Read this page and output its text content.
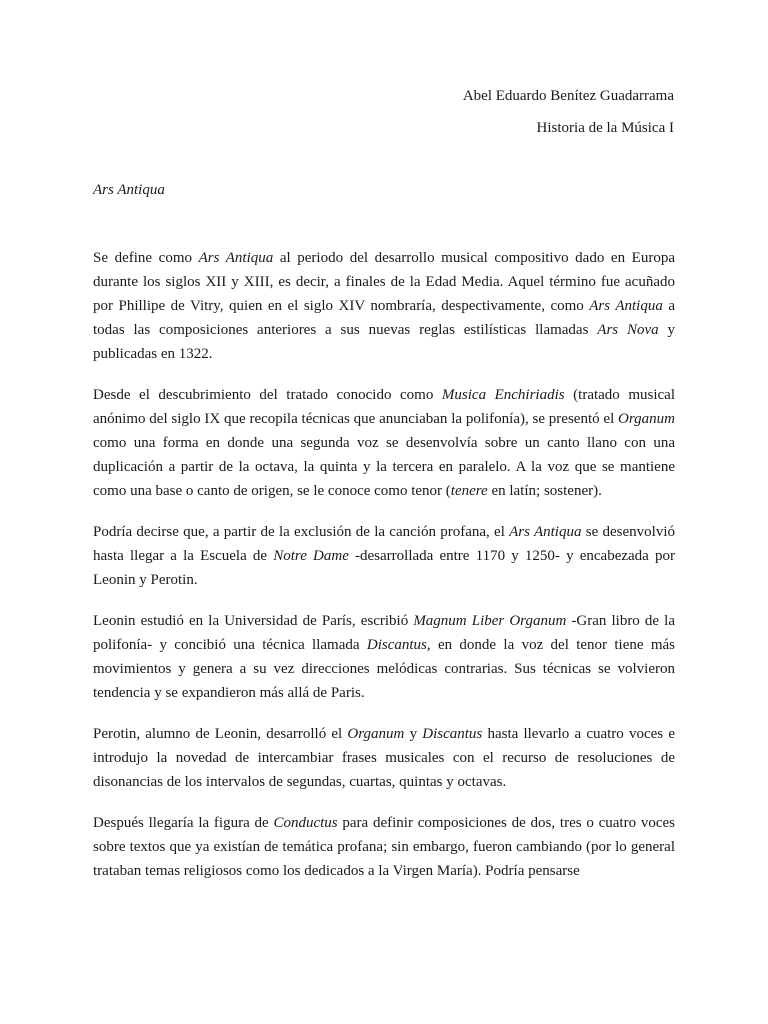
Abel Eduardo Benítez Guadarrama
Historia de la Música I
Ars Antiqua

Se define como Ars Antiqua al periodo del desarrollo musical compositivo dado en Europa durante los siglos XII y XIII, es decir, a finales de la Edad Media. Aquel término fue acuñado por Phillipe de Vitry, quien en el siglo XIV nombraría, despectivamente, como Ars Antiqua a todas las composiciones anteriores a sus nuevas reglas estilísticas llamadas Ars Nova y publicadas en 1322.

Desde el descubrimiento del tratado conocido como Musica Enchiriadis (tratado musical anónimo del siglo IX que recopila técnicas que anunciaban la polifonía), se presentó el Organum como una forma en donde una segunda voz se desenvolvía sobre un canto llano con una duplicación a partir de la octava, la quinta y la tercera en paralelo. A la voz que se mantiene como una base o canto de origen, se le conoce como tenor (tenere en latín; sostener).

Podría decirse que, a partir de la exclusión de la canción profana, el Ars Antiqua se desenvolvió hasta llegar a la Escuela de Notre Dame -desarrollada entre 1170 y 1250- y encabezada por Leonin y Perotin.

Leonin estudió en la Universidad de París, escribió Magnum Liber Organum -Gran libro de la polifonía- y concibió una técnica llamada Discantus, en donde la voz del tenor tiene más movimientos y genera a su vez direcciones melódicas contrarias. Sus técnicas se volvieron tendencia y se expandieron más allá de Paris.

Perotin, alumno de Leonin, desarrolló el Organum y Discantus hasta llevarlo a cuatro voces e introdujo la novedad de intercambiar frases musicales con el recurso de resoluciones de disonancias de los intervalos de segundas, cuartas, quintas y octavas.

Después llegaría la figura de Conductus para definir composiciones de dos, tres o cuatro voces sobre textos que ya existían de temática profana; sin embargo, fueron cambiando (por lo general trataban temas religiosos como los dedicados a la Virgen María). Podría pensarse
